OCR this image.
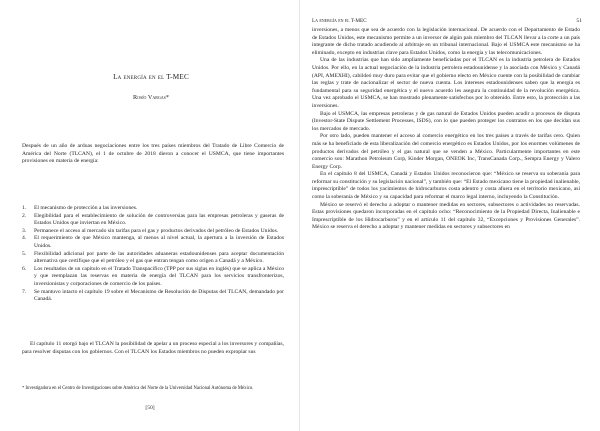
La energía en el T-MEC
Rosío Vargas*

Después de un año de arduas negociaciones entre los tres países miembros del Tratado de Libre Comercio de América del Norte (TLCAN), el 1 de octubre de 2018 dieron a conocer el USMCA, que tiene importantes provisiones en materia de energía:

1.	El mecanismo de protección a las inversiones.
2.	Elegibilidad para el establecimiento de solución de controversias para las empresas petroleras y gaseras de Estados Unidos que inviertan en México.
3.	Permanece el acceso al mercado sin tarifas para el gas y productos derivados del petróleo de Estados Unidos.
4.	El requerimiento de que México mantenga, al menos al nivel actual, la apertura a la inversión de Estados Unidos.
5.	Flexibilidad adicional por parte de las autoridades aduaneras estadounidenses para aceptar documentación alternativa que certifique que el petróleo y el gas que entran tengan como origen a Canadá y a México.
6.	Los resultados de un capítulo en el Tratado Transpacífico (TPP por sus siglas en inglés) que se aplica a México y que reemplazan las reservas en materia de energía del TLCAN para los servicios transfronterizos, inversionistas y corporaciones de comercio de los países.
7.	Se mantuvo intacto el capítulo 19 sobre el Mecanismo de Resolución de Disputas del TLCAN, demandado por Canadá.

El capítulo 11 otorgó bajo el TLCAN la posibilidad de apelar a un proceso especial a los inversores y compañías, para resolver disputas con los gobiernos. Con el TLCAN los Estados miembros no pueden expropiar sus

* Investigadora en el Centro de Investigaciones sobre América del Norte de la Universidad Nacional Autónoma de México.
[50]
La energía en el T-MEC	51

inversiones, a menos que sea de acuerdo con la legislación internacional. De acuerdo con el Departamento de Estado de Estados Unidos, este mecanismo permite a un inversor de algún país miembro del TLCAN llevar a la corte a un país integrante de dicho tratado acudiendo al arbitraje en un tribunal internacional. Bajo el USMCA este mecanismo se ha eliminado, excepto en industrias clave para Estados Unidos, como la energía y las telecomunicaciones.

Una de las industrias que han sido ampliamente beneficiadas por el TLCAN es la industria petrolera de Estados Unidos. Por ello, en la actual negociación de la industria petrolera estadounidense y la asociada con México y Canadá (API, AMEXHI), cabildeó muy duro para evitar que el gobierno electo en México cuente con la posibilidad de cambiar las reglas y trate de nacionalizar el sector de nueva cuenta. Los intereses estadounidenses saben que la energía es fundamental para su seguridad energética y el nuevo acuerdo les asegura la continuidad de la revolución energética. Una vez aprobado el USMCA, se han mostrado plenamente satisfechos por lo obtenido. Entre esto, la protección a las inversiones.

Bajo el USMCA, las empresas petroleras y de gas natural de Estados Unidos pueden acudir a procesos de disputa (Investor-State Dispute Settlement Processes, ISDS), con lo que pueden proteger los contratos en los que decidan sus los mercados de mercado.

Por otro lado, pueden mantener el acceso al comercio energético en los tres países a través de tarifas cero. Quien más se ha beneficiado de esta liberalización del comercio energético es Estados Unidos, por los enormes volúmenes de productos derivados del petróleo y el gas natural que se venden a México. Particularmente importantes en este comercio son: Marathon Petroleum Corp, Kinder Morgan, ONEOK Inc, TransCanada Corp., Sempra Energy y Valero Energy Corp.

En el capítulo 8 del USMCA, Canadá y Estados Unidos reconocieron que: “México se reserva su soberanía para reformar su constitución y su legislación nacional”, y también que: “El Estado mexicano tiene la propiedad inalienable, imprescriptible” de todos los yacimientos de hidrocarburos costa adentro y costa afuera en el territorio mexicano, así como la soberanía de México y su capacidad para reformar el marco legal interno, incluyendo la Constitución.

México se reservó el derecho a adoptar o mantener medidas en sectores, subsectores o actividades no reservadas. Estas provisiones quedaron incorporadas en el capítulo ocho: “Reconocimiento de la Propiedad Directa, Inalienable e Imprescriptible de los Hidrocarburos” y en el artículo 11 del capítulo 32, “Excepciones y Provisiones Generales”. México se reserva el derecho a adoptar y mantener medidas en sectores y subsectores en
